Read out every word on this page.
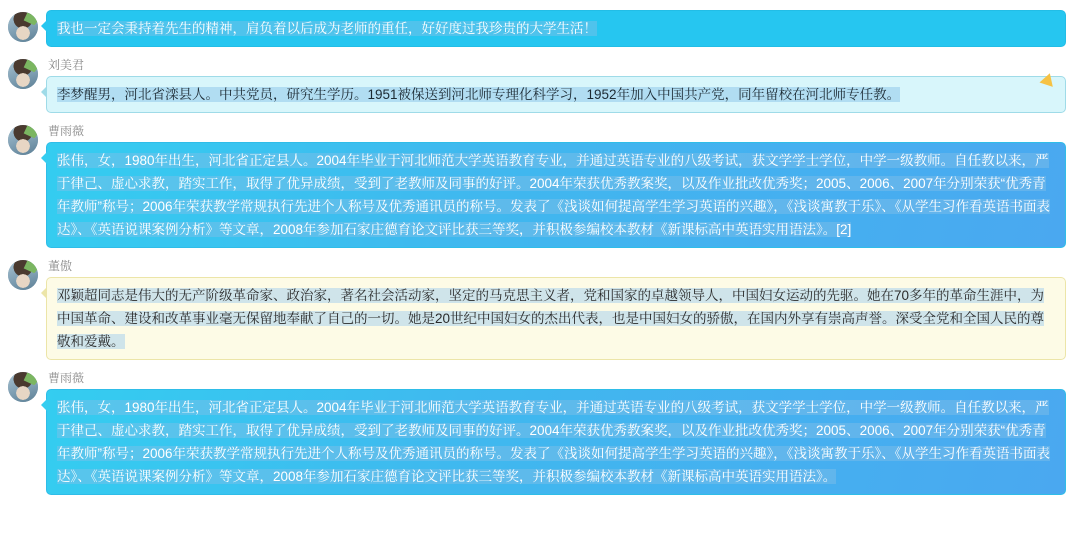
我也一定会秉持着先生的精神，肩负着以后成为老师的重任，好好度过我珍贵的大学生活！
刘美君
李梦醒男，河北省滦县人。中共党员，研究生学历。1951被保送到河北师专理化科学习，1952年加入中国共产党，同年留校在河北师专任教。
曹雨薇
张伟，女，1980年出生，河北省正定县人。2004年毕业于河北师范大学英语教育专业，并通过英语专业的八级考试，获文学学士学位，中学一级教师。自任教以来，严于律己、虚心求教，踏实工作，取得了优异成绩，受到了老教师及同事的好评。2004年荣获优秀教案奖，以及作业批改优秀奖；2005、2006、2007年分别荣获“优秀青年教师”称号；2006年荣获教学常规执行先进个人称号及优秀通讯员的称号。发表了《浅谈如何提高学生学习英语的兴趣》，《浅谈寓教于乐》、《从学生习作看英语书面表达》、《英语说课案例分析》等文章，2008年参加石家庄德育论文评比获三等奖，并积极参编校本教材《新课标高中英语实用语法》。[2]
董傲
邓颖超同志是伟大的无产阶级革命家、政治家，著名社会活动家，坚定的马克思主义者，党和国家的卓越领导人，中国妇女运动的先驱。她在70多年的革命生涯中，为中国革命、建设和改革事业毫无保留地奉献了自己的一切。她是20世纪中国妇女的杰出代表，也是中国妇女的骄傲，在国内外享有崇高声誉。深受全党和全国人民的尊敬和爱戴。
曹雨薇
张伟，女，1980年出生，河北省正定县人。2004年毕业于河北师范大学英语教育专业，并通过英语专业的八级考试，获文学学士学位，中学一级教师。自任教以来，严于律己、虚心求教，踏实工作，取得了优异成绩，受到了老教师及同事的好评。2004年荣获优秀教案奖，以及作业批改优秀奖；2005、2006、2007年分别荣获“优秀青年教师”称号；2006年荣获教学常规执行先进个人称号及优秀通讯员的称号。发表了《浅谈如何提高学生学习英语的兴趣》，《浅谈寓教于乐》、《从学生习作看英语书面表达》、《英语说课案例分析》等文章，2008年参加石家庄德育论文评比获三等奖，并积极参编校本教材《新课标高中英语实用语法》。
